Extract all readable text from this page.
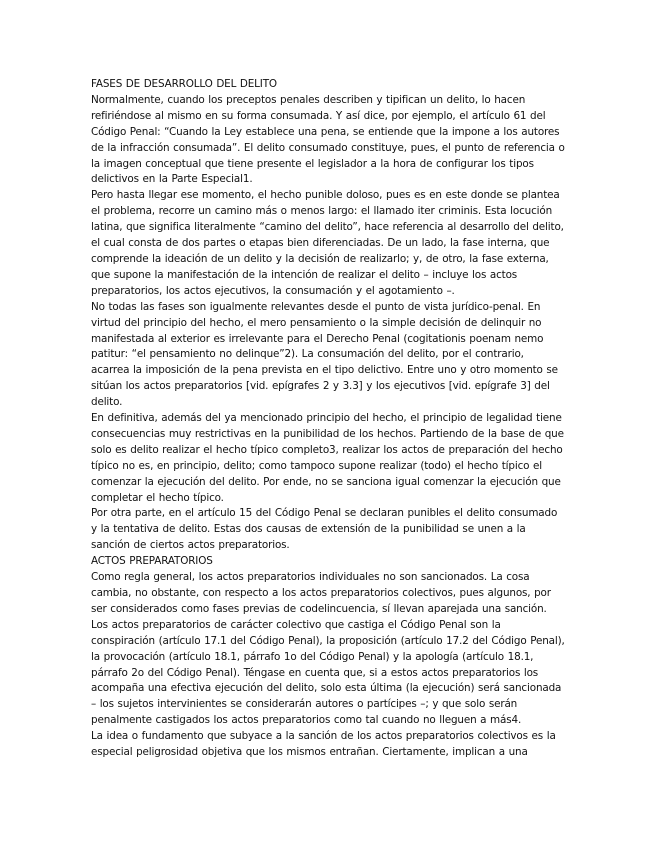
FASES DE DESARROLLO DEL DELITO

Normalmente, cuando los preceptos penales describen y tipifican un delito, lo hacen refiriéndose al mismo en su forma consumada. Y así dice, por ejemplo, el artículo 61 del Código Penal: “Cuando la Ley establece una pena, se entiende que la impone a los autores de la infracción consumada”. El delito consumado constituye, pues, el punto de referencia o la imagen conceptual que tiene presente el legislador a la hora de configurar los tipos delictivos en la Parte Especial1.

Pero hasta llegar ese momento, el hecho punible doloso, pues es en este donde se plantea el problema, recorre un camino más o menos largo: el llamado iter criminis. Esta locución latina, que significa literalmente “camino del delito”, hace referencia al desarrollo del delito, el cual consta de dos partes o etapas bien diferenciadas. De un lado, la fase interna, que comprende la ideación de un delito y la decisión de realizarlo; y, de otro, la fase externa, que supone la manifestación de la intención de realizar el delito – incluye los actos preparatorios, los actos ejecutivos, la consumación y el agotamiento –.

No todas las fases son igualmente relevantes desde el punto de vista jurídico-penal. En virtud del principio del hecho, el mero pensamiento o la simple decisión de delinquir no manifestada al exterior es irrelevante para el Derecho Penal (cogitationis poenam nemo patitur: “el pensamiento no delinque”2). La consumación del delito, por el contrario, acarrea la imposición de la pena prevista en el tipo delictivo. Entre uno y otro momento se sitúan los actos preparatorios [vid. epígrafes 2 y 3.3] y los ejecutivos [vid. epígrafe 3] del delito.

En definitiva, además del ya mencionado principio del hecho, el principio de legalidad tiene consecuencias muy restrictivas en la punibilidad de los hechos. Partiendo de la base de que solo es delito realizar el hecho típico completo3, realizar los actos de preparación del hecho típico no es, en principio, delito; como tampoco supone realizar (todo) el hecho típico el comenzar la ejecución del delito. Por ende, no se sanciona igual comenzar la ejecución que completar el hecho típico.

Por otra parte, en el artículo 15 del Código Penal se declaran punibles el delito consumado y la tentativa de delito. Estas dos causas de extensión de la punibilidad se unen a la sanción de ciertos actos preparatorios.

ACTOS PREPARATORIOS

Como regla general, los actos preparatorios individuales no son sancionados. La cosa cambia, no obstante, con respecto a los actos preparatorios colectivos, pues algunos, por ser considerados como fases previas de codelincuencia, sí llevan aparejada una sanción. Los actos preparatorios de carácter colectivo que castiga el Código Penal son la conspiración (artículo 17.1 del Código Penal), la proposición (artículo 17.2 del Código Penal), la provocación (artículo 18.1, párrafo 1o del Código Penal) y la apología (artículo 18.1, párrafo 2o del Código Penal). Téngase en cuenta que, si a estos actos preparatorios los acompaña una efectiva ejecución del delito, solo esta última (la ejecución) será sancionada – los sujetos intervinientes se considerarán autores o partícipes –; y que solo serán penalmente castigados los actos preparatorios como tal cuando no lleguen a más4.

La idea o fundamento que subyace a la sanción de los actos preparatorios colectivos es la especial peligrosidad objetiva que los mismos entrañan. Ciertamente, implican a una
